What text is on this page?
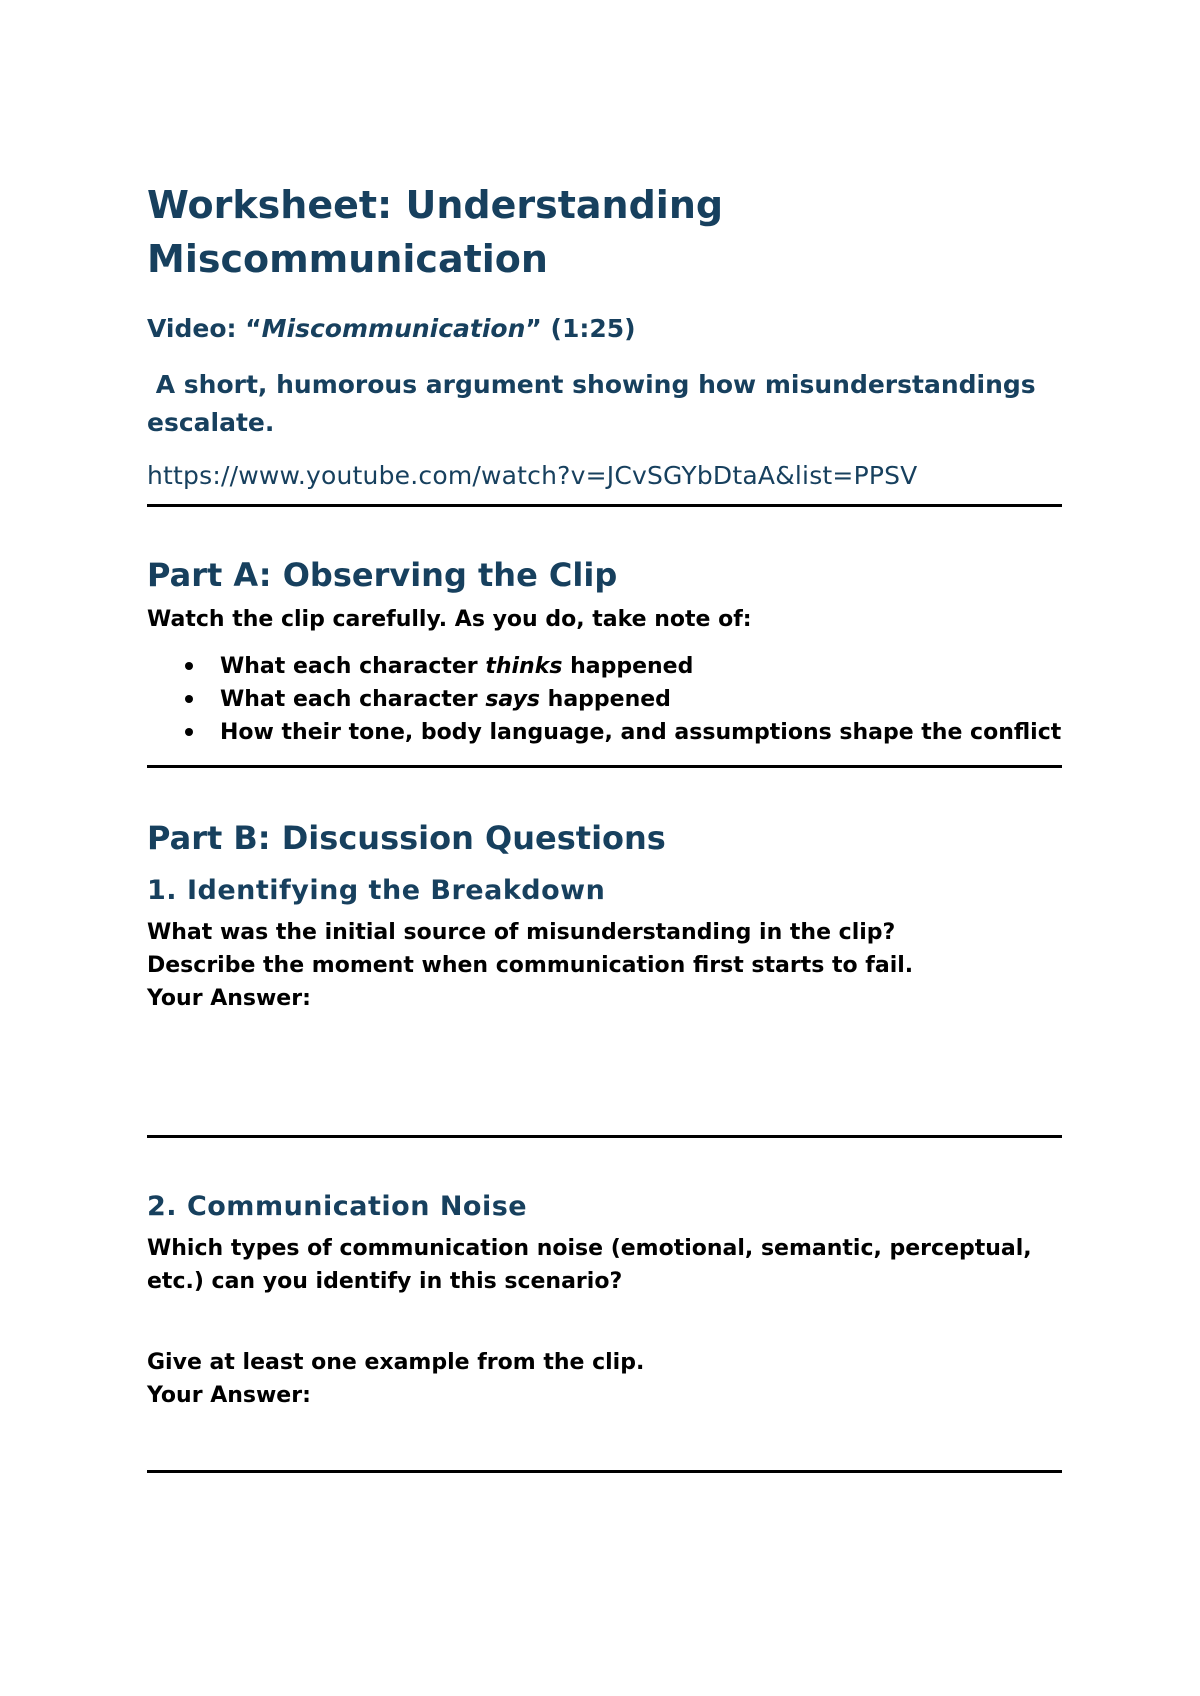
Worksheet: Understanding Miscommunication

Video: “Miscommunication” (1:25)

A short, humorous argument showing how misunderstandings escalate.

https://www.youtube.com/watch?v=JCvSGYbDtaA&list=PPSV

Part A: Observing the Clip

Watch the clip carefully. As you do, take note of:

What each character thinks happened
What each character says happened
How their tone, body language, and assumptions shape the conflict
Part B: Discussion Questions
1. Identifying the Breakdown

What was the initial source of misunderstanding in the clip?

Describe the moment when communication first starts to fail.

Your Answer:

2. Communication Noise

Which types of communication noise (emotional, semantic, perceptual, etc.) can you identify in this scenario?

Give at least one example from the clip.

Your Answer:
